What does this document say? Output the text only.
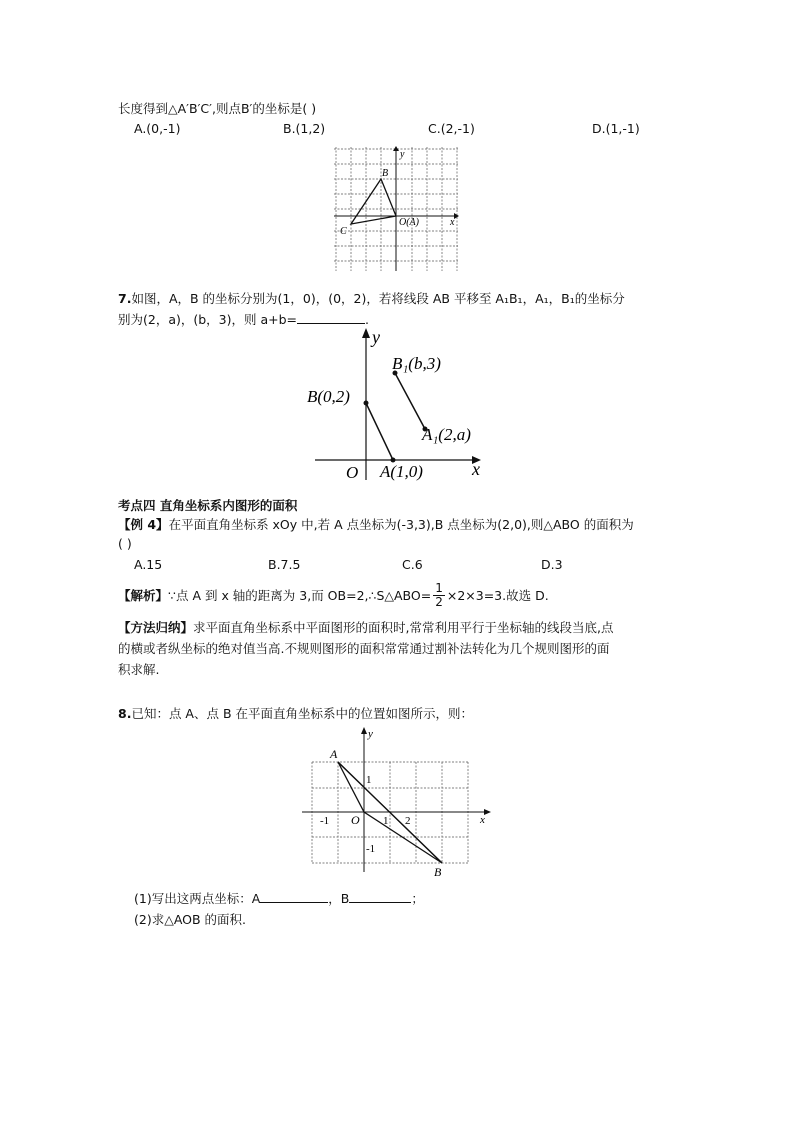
长度得到△A′B′C′,则点B′的坐标是( )
A.(0,-1)	B.(1,2)	C.(2,-1)	D.(1,-1)
y
x
B
C
O(A)
7.如图，A，B 的坐标分别为(1，0)，(0，2)，若将线段 AB 平移至 A₁B₁，A₁，B₁的坐标分
别为(2，a)，(b，3)，则 a+b=	.
y
x
O
B(0,2)
A(1,0)
B₁(b,3)
A₁(2,a)
考点四 直角坐标系内图形的面积
【例 4】在平面直角坐标系 xOy 中,若 A 点坐标为(-3,3),B 点坐标为(2,0),则△ABO 的面积为
( )
A.15	B.7.5	C.6	D.3
【解析】 ∵点 A 到 x 轴的距离为 3,而 OB=2,∴S△ABO= $\frac{1}{2} \times 2\times 3=3$.故选 D.
【方法归纳】求平面直角坐标系中平面图形的面积时,常常利用平行于坐标轴的线段当底,点
的横或者纵坐标的绝对值当高.不规则图形的面积常常通过割补法转化为几个规则图形的面
积求解.
8.已知：点 A、点 B 在平面直角坐标系中的位置如图所示，则：
A
B
y
x
O
1
-1
-1	1 2
(1)写出这两点坐标：A	，B	；
(2)求△AOB 的面积.
